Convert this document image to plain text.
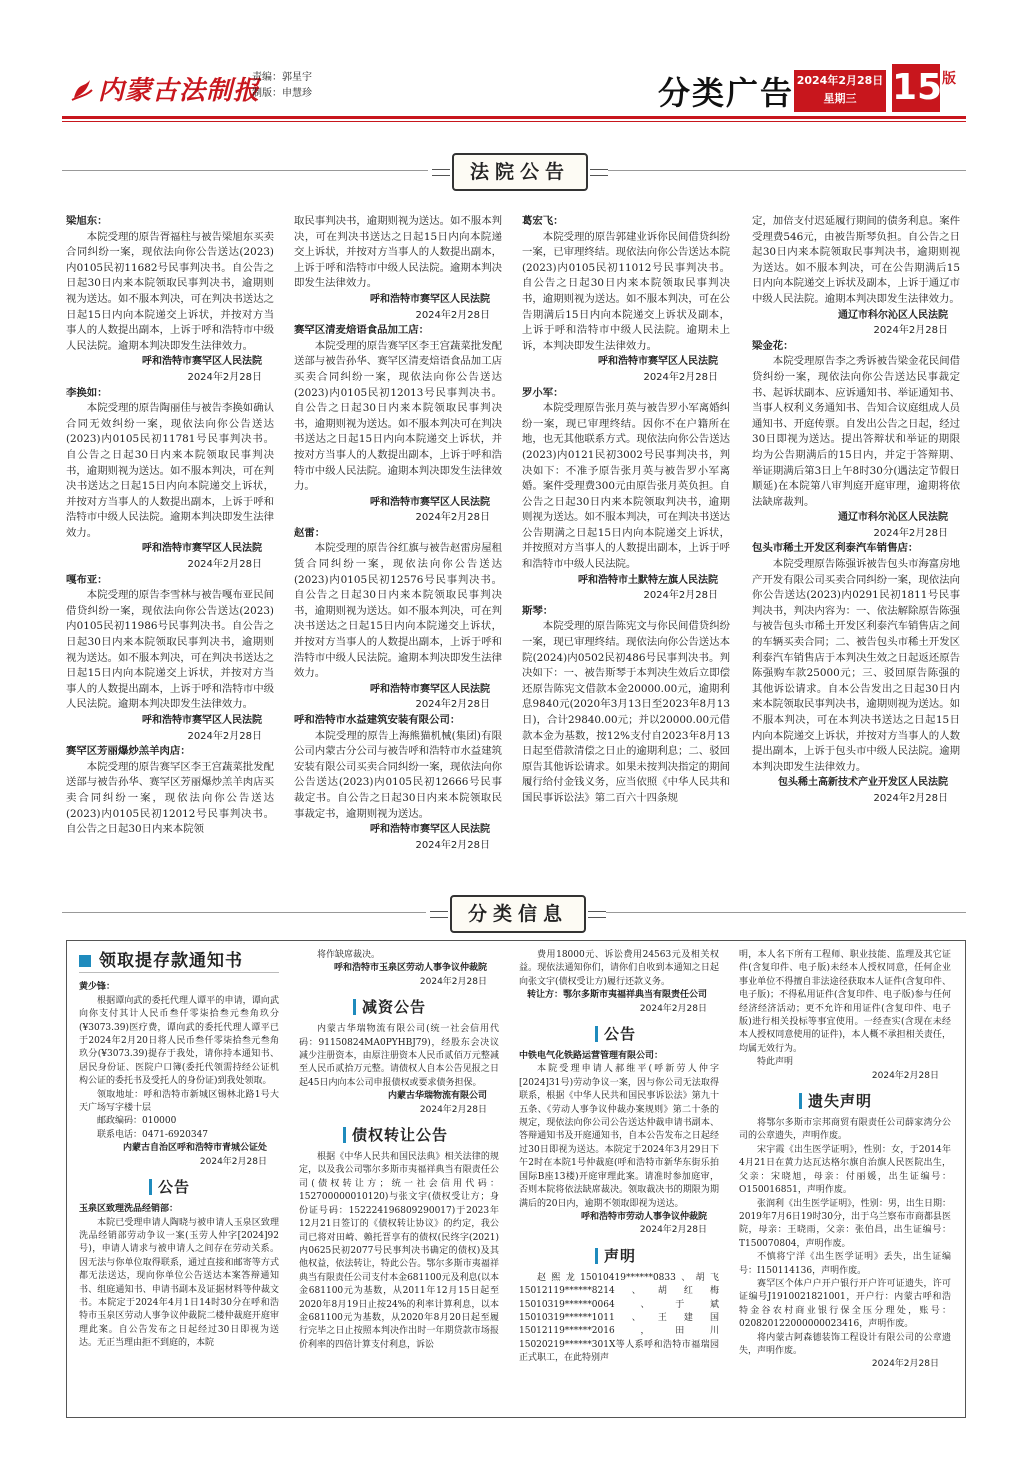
内蒙古法制报
责编：郭星宇
制版：申慧珍	分类广告 2024年2月28日
星期三 15 版
法院公告

梁旭东：

本院受理的原告胥福柱与被告梁旭东买卖合同纠纷一案，现依法向你公告送达(2023)内0105民初11682号民事判决书。自公告之日起30日内来本院领取民事判决书，逾期则视为送达。如不服本判决，可在判决书送达之日起15日内向本院递交上诉状，并按对方当事人的人数提出副本，上诉于呼和浩特市中级人民法院。逾期本判决即发生法律效力。

呼和浩特市赛罕区人民法院

2024年2月28日

李换如：

本院受理的原告陶丽佳与被告李换如确认合同无效纠纷一案，现依法向你公告送达(2023)内0105民初11781号民事判决书。自公告之日起30日内来本院领取民事判决书，逾期则视为送达。如不服本判决，可在判决书送达之日起15日内向本院递交上诉状，并按对方当事人的人数提出副本，上诉于呼和浩特市中级人民法院。逾期本判决即发生法律效力。

呼和浩特市赛罕区人民法院

2024年2月28日

嘎布亚：

本院受理的原告李雪林与被告嘎布亚民间借贷纠纷一案，现依法向你公告送达(2023)内0105民初11986号民事判决书。自公告之日起30日内来本院领取民事判决书，逾期则视为送达。如不服本判决，可在判决书送达之日起15日内向本院递交上诉状，并按对方当事人的人数提出副本，上诉于呼和浩特市中级人民法院。逾期本判决即发生法律效力。

呼和浩特市赛罕区人民法院

2024年2月28日

赛罕区芳丽爆炒羔羊肉店：

本院受理的原告赛罕区李王宫蔬菜批发配送部与被告孙华、赛罕区芳丽爆炒羔羊肉店买卖合同纠纷一案，现依法向你公告送达(2023)内0105民初12012号民事判决书。自公告之日起30日内来本院领

取民事判决书，逾期则视为送达。如不服本判决，可在判决书送达之日起15日内向本院递交上诉状，并按对方当事人的人数提出副本，上诉于呼和浩特市中级人民法院。逾期本判决即发生法律效力。

呼和浩特市赛罕区人民法院

2024年2月28日

赛罕区清麦焙语食品加工店：

本院受理的原告赛罕区李王宫蔬菜批发配送部与被告孙华、赛罕区清麦焙语食品加工店买卖合同纠纷一案，现依法向你公告送达(2023)内0105民初12013号民事判决书。自公告之日起30日内来本院领取民事判决书，逾期则视为送达。如不服本判决可在判决书送达之日起15日内向本院递交上诉状，并按对方当事人的人数提出副本，上诉于呼和浩特市中级人民法院。逾期本判决即发生法律效力。

呼和浩特市赛罕区人民法院

2024年2月28日

赵雷：

本院受理的原告谷红旗与被告赵雷房屋租赁合同纠纷一案，现依法向你公告送达(2023)内0105民初12576号民事判决书。自公告之日起30日内来本院领取民事判决书，逾期则视为送达。如不服本判决，可在判决书送达之日起15日内向本院递交上诉状，并按对方当事人的人数提出副本，上诉于呼和浩特市中级人民法院。逾期本判决即发生法律效力。

呼和浩特市赛罕区人民法院

2024年2月28日

呼和浩特市水益建筑安装有限公司：

本院受理的原告上海熊猫机械(集团)有限公司内蒙古分公司与被告呼和浩特市水益建筑安装有限公司买卖合同纠纷一案，现依法向你公告送达(2023)内0105民初12666号民事裁定书。自公告之日起30日内来本院领取民事裁定书，逾期则视为送达。

呼和浩特市赛罕区人民法院

2024年2月28日

葛宏飞：

本院受理的原告郭建业诉你民间借贷纠纷一案，已审理终结。现依法向你公告送达本院(2023)内0105民初11012号民事判决书。自公告之日起30日内来本院领取民事判决书，逾期则视为送达。如不服本判决，可在公告期满后15日内向本院递交上诉状及副本，上诉于呼和浩特市中级人民法院。逾期未上诉，本判决即发生法律效力。

呼和浩特市赛罕区人民法院

2024年2月28日

罗小军：

本院受理原告张月英与被告罗小军离婚纠纷一案，现已审理终结。因你不在户籍所在地，也无其他联系方式。现依法向你公告送达(2023)内0121民初3002号民事判决书，判决如下：不准予原告张月英与被告罗小军离婚。案件受理费300元由原告张月英负担。自公告之日起30日内来本院领取判决书，逾期则视为送达。如不服本判决，可在判决书送达公告期满之日起15日内向本院递交上诉状，并按照对方当事人的人数提出副本，上诉于呼和浩特市中级人民法院。

呼和浩特市土默特左旗人民法院

2024年2月28日

斯琴：

本院受理的原告陈宪文与你民间借贷纠纷一案，现已审理终结。现依法向你公告送达本院(2024)内0502民初486号民事判决书。判决如下：一、被告斯琴于本判决生效后立即偿还原告陈宪文借款本金20000.00元，逾期利息9840元(2020年3月13日至2023年8月13日)，合计29840.00元；并以20000.00元借款本金为基数，按12%支付自2023年8月13日起至借款清偿之日止的逾期利息；二、驳回原告其他诉讼请求。如果未按判决指定的期间履行给付金钱义务，应当依照《中华人民共和国民事诉讼法》第二百六十四条规

定，加倍支付迟延履行期间的债务利息。案件受理费546元，由被告斯琴负担。自公告之日起30日内来本院领取民事判决书，逾期则视为送达。如不服本判决，可在公告期满后15日内向本院递交上诉状及副本，上诉于通辽市中级人民法院。逾期本判决即发生法律效力。

通辽市科尔沁区人民法院

2024年2月28日

梁金花：

本院受理原告李之秀诉被告梁金花民间借贷纠纷一案，现依法向你公告送达民事裁定书、起诉状副本、应诉通知书、举证通知书、当事人权利义务通知书、告知合议庭组成人员通知书、开庭传票。自发出公告之日起，经过30日即视为送达。提出答辩状和举证的期限均为公告期满后的15日内，并定于答辩期、举证期满后第3日上午8时30分(遇法定节假日顺延)在本院第八审判庭开庭审理，逾期将依法缺席裁判。

通辽市科尔沁区人民法院

2024年2月28日

包头市稀土开发区利泰汽车销售店：

本院受理原告陈强诉被告包头市海富房地产开发有限公司买卖合同纠纷一案，现依法向你公告送达(2023)内0291民初1811号民事判决书，判决内容为：一、依法解除原告陈强与被告包头市稀土开发区利泰汽车销售店之间的车辆买卖合同；二、被告包头市稀土开发区利泰汽车销售店于本判决生效之日起返还原告陈强购车款25000元；三、驳回原告陈强的其他诉讼请求。自本公告发出之日起30日内来本院领取民事判决书，逾期则视为送达。如不服本判决，可在本判决书送达之日起15日内向本院递交上诉状，并按对方当事人的人数提出副本，上诉于包头市中级人民法院。逾期本判决即发生法律效力。

包头稀土高新技术产业开发区人民法院

2024年2月28日

分类信息
领取提存款通知书

黄少锋：

根据谭向武的委托代理人谭平的申请，谭向武向你支付其计人民币叁仟零柒拾叁元叁角玖分(¥3073.39)医疗费，谭向武的委托代理人谭平已于2024年2月20日将人民币叁仟零柒拾叁元叁角玖分(¥3073.39)提存于我处，请你持本通知书、居民身份证、医院户口簿(委托代领需持经公证机构公证的委托书及受托人的身份证)到我处领取。

领取地址：呼和浩特市新城区锡林北路1号大天广场写字楼十层

邮政编码：010000

联系电话：0471-6920347

内蒙古自治区呼和浩特市青城公证处

2024年2月28日

公告

玉泉区致理洗品经销部：

本院已受理申请人陶晓与被申请人玉泉区致理洗品经销部劳动争议一案(玉劳人仲字[2024]92号)，申请人请求与被申请人之间存在劳动关系。因无法与你单位取得联系，通过直接和邮寄等方式都无法送达，现向你单位公告送达本案答辩通知书、组庭通知书、申请书副本及证据材料等仲裁文书。本院定于2024年4月1日14时30分在呼和浩特市玉泉区劳动人事争议仲裁院二楼仲裁庭开庭审理此案。自公告发布之日起经过30日即视为送达。无正当理由拒不到庭的，本院

将作缺席裁决。

呼和浩特市玉泉区劳动人事争议仲裁院

2024年2月28日

减资公告

内蒙古华瑞物流有限公司(统一社会信用代码：91150824MA0PYHBJ79)，经股东会决议减少注册资本，由原注册资本人民币贰佰万元整减至人民币贰拾万元整。请债权人自本公告见报之日起45日内向本公司申报债权或要求债务担保。

内蒙古华瑞物流有限公司

2024年2月28日

债权转让公告

根据《中华人民共和国民法典》相关法律的规定，以及我公司鄂尔多斯市夷福祥典当有限责任公司(债权转让方；统一社会信用代码：152700000010120)与张文宇(债权受让方；身份证号码：152224196809290017)于2023年12月21日签订的《债权转让协议》的约定，我公司已将对田崎、赖托晋享有的债权(民终字(2021)内0625民初2077号民事判决书确定的债权)及其他权益，依法转让，特此公告。鄂尔多斯市夷福祥典当有限责任公司支付本金681100元及利息(以本金681100元为基数，从2011年12月15日起至2020年8月19日止按24%的利率计算利息，以本金681100元为基数，从2020年8月20日起至履行完毕之日止按照本判决作出时一年期贷款市场报价利率的四倍计算支付利息，诉讼

费用18000元、诉讼费用24563元及相关权益。现依法通知你们，请你们自收到本通知之日起向张文宇(债权受让方)履行还款义务。

转让方：鄂尔多斯市夷福祥典当有限责任公司

2024年2月28日

公告

中铁电气化铁路运营管理有限公司：

本院受理申请人郝维平(呼新劳人仲字[2024]31号)劳动争议一案，因与你公司无法取得联系，根据《中华人民共和国民事诉讼法》第九十五条、《劳动人事争议仲裁办案规则》第二十条的规定，现依法向你公司公告送达仲裁申请书副本、答辩通知书及开庭通知书，自本公告发布之日起经过30日即视为送达。本院定于2024年3月29日下午2时在本院1号仲裁庭(呼和浩特市新华东街乐拍国际B座13楼)开庭审理此案。请准时参加庭审，否则本院将依法缺席裁决。领取裁决书的期限为期满后的20日内，逾期不领取即视为送达。

呼和浩特市劳动人事争议仲裁院

2024年2月28日

声明

赵熙龙15010419******0833、胡飞15012119******8214、胡红梅15010319******0064、于斌15010319******1011、王建国15012119******2016，田川15020219******301X等人系呼和浩特市福瑞园正式职工，在此特别声

明，本人名下所有工程师、职业技能、监理及其它证件(含复印件、电子版)未经本人授权同意，任何企业事业单位不得擅自非法途径获取本人证件(含复印件、电子版)；不得私用证件(含复印件、电子版)参与任何经济经济活动；更不允许和用证件(含复印件、电子版)进行相关投标等事宜使用。一经查实(含现在未经本人授权同意使用的证件)，本人概不承担相关责任，均属无效行为。

特此声明

2024年2月28日

遗失声明

将鄂尔多斯市宗邦商贸有限责任公司薛家湾分公司的公章遗失，声明作废。

宋宇霞《出生医学证明》，性别：女，于2014年4月21日在黄力达瓦达格尔旗自治旗人民医院出生，父亲：宋晓旭，母亲：付丽媛，出生证编号：O150016851，声明作废。

张润利《出生医学证明》，性别：男，出生日期：2019年7月6日19时30分，出于乌兰察布市商都县医院，母亲：王晓雨，父亲：张伯昌，出生证编号：T150070804，声明作废。

不慎将宁洋《出生医学证明》丢失，出生证编号：I150114136，声明作废。

赛罕区个体户户开户银行开户许可证遗失，许可证编号J1910021821001，开户行：内蒙古呼和浩特金谷农村商业银行保全压分理处，账号：020820122000000023416，声明作废。

将内蒙古阿森德装饰工程设计有限公司的公章遗失，声明作废。

2024年2月28日
